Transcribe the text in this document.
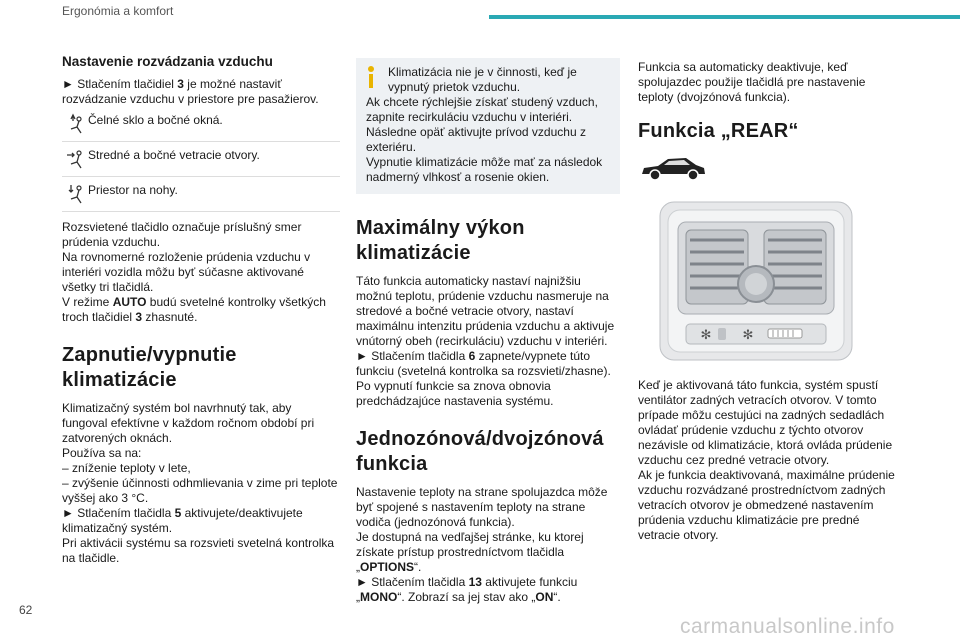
Ergonómia a komfort
Nastavenie rozvádzania vzduchu

► Stlačením tlačidiel 3 je možné nastaviť rozvádzanie vzduchu v priestore pre pasažierov.

Čelné sklo a bočné okná.
Stredné a bočné vetracie otvory.
Priestor na nohy.

Rozsvietené tlačidlo označuje príslušný smer prúdenia vzduchu.

Na rovnomerné rozloženie prúdenia vzduchu v interiéri vozidla môžu byť súčasne aktivované všetky tri tlačidlá.

V režime AUTO budú svetelné kontrolky všetkých troch tlačidiel 3 zhasnuté.

Zapnutie/vypnutie klimatizácie

Klimatizačný systém bol navrhnutý tak, aby fungoval efektívne v každom ročnom období pri zatvorených oknách.

Používa sa na:

– zníženie teploty v lete,

– zvýšenie účinnosti odhmlievania v zime pri teplote vyššej ako 3 °C.

► Stlačením tlačidla 5 aktivujete/deaktivujete klimatizačný systém.

Pri aktivácii systému sa rozsvieti svetelná kontrolka na tlačidle.

Klimatizácia nie je v činnosti, keď je vypnutý prietok vzduchu.

Ak chcete rýchlejšie získať studený vzduch, zapnite recirkuláciu vzduchu v interiéri. Následne opäť aktivujte prívod vzduchu z exteriéru.

Vypnutie klimatizácie môže mať za následok nadmerný vlhkosť a rosenie okien.

Maximálny výkon klimatizácie

Táto funkcia automaticky nastaví najnižšiu možnú teplotu, prúdenie vzduchu nasmeruje na stredové a bočné vetracie otvory, nastaví maximálnu intenzitu prúdenia vzduchu a aktivuje vnútorný obeh (recirkuláciu) vzduchu v interiéri.

► Stlačením tlačidla 6 zapnete/vypnete túto funkciu (svetelná kontrolka sa rozsvieti/zhasne).

Po vypnutí funkcie sa znova obnovia predchádzajúce nastavenia systému.

Jednozónová/dvojzónová funkcia

Nastavenie teploty na strane spolujazdca môže byť spojené s nastavením teploty na strane vodiča (jednozónová funkcia).

Je dostupná na vedľajšej stránke, ku ktorej získate prístup prostredníctvom tlačidla „OPTIONS“.

► Stlačením tlačidla 13 aktivujete funkciu „MONO“. Zobrazí sa jej stav ako „ON“.

Funkcia sa automaticky deaktivuje, keď spolujazdec použije tlačidlá pre nastavenie teploty (dvojzónová funkcia).

Funkcia „REAR“
✻ ✻

Keď je aktivovaná táto funkcia, systém spustí ventilátor zadných vetracích otvorov. V tomto prípade môžu cestujúci na zadných sedadlách ovládať prúdenie vzduchu z týchto otvorov nezávisle od klimatizácie, ktorá ovláda prúdenie vzduchu cez predné vetracie otvory.

Ak je funkcia deaktivovaná, maximálne prúdenie vzduchu rozvádzané prostredníctvom zadných vetracích otvorov je obmedzené nastavením prúdenia vzduchu klimatizácie pre predné vetracie otvory.

62
carmanualsonline.info
